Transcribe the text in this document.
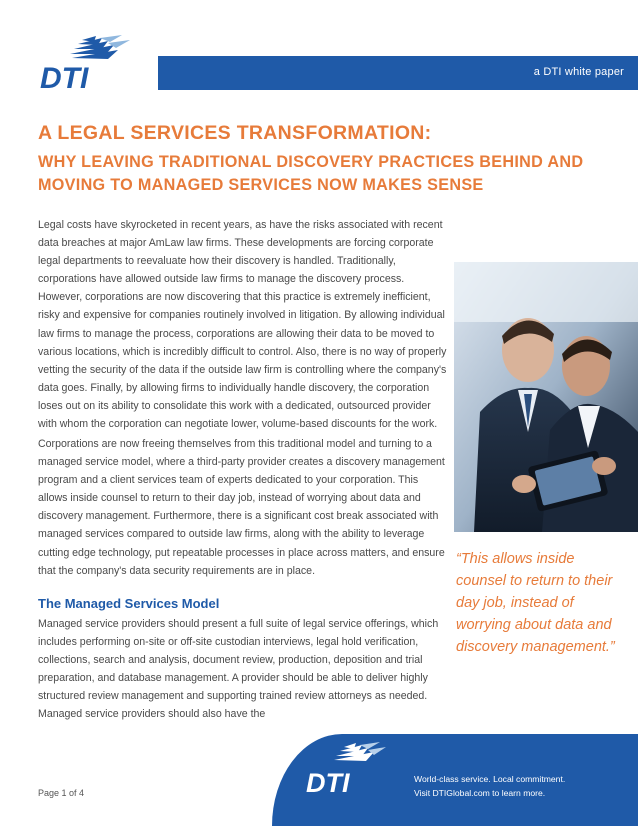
DTI	a DTI white paper
A LEGAL SERVICES TRANSFORMATION:
WHY LEAVING TRADITIONAL DISCOVERY PRACTICES BEHIND AND MOVING TO MANAGED SERVICES NOW MAKES SENSE
Legal costs have skyrocketed in recent years, as have the risks associated with recent data breaches at major AmLaw law firms. These developments are forcing corporate legal departments to reevaluate how their discovery is handled. Traditionally, corporations have allowed outside law firms to manage the discovery process. However, corporations are now discovering that this practice is extremely inefficient, risky and expensive for companies routinely involved in litigation. By allowing individual law firms to manage the process, corporations are allowing their data to be moved to various locations, which is incredibly difficult to control. Also, there is no way of properly vetting the security of the data if the outside law firm is controlling where the company's data goes. Finally, by allowing firms to individually handle discovery, the corporation loses out on its ability to consolidate this work with a dedicated, outsourced provider with whom the corporation can negotiate lower, volume-based discounts for the work.
Corporations are now freeing themselves from this traditional model and turning to a managed service model, where a third-party provider creates a discovery management program and a client services team of experts dedicated to your corporation. This allows inside counsel to return to their day job, instead of worrying about data and discovery management. Furthermore, there is a significant cost break associated with managed services compared to outside law firms, along with the ability to leverage cutting edge technology, put repeatable processes in place across matters, and ensure that the company's data security requirements are in place.
The Managed Services Model
Managed service providers should present a full suite of legal service offerings, which includes performing on-site or off-site custodian interviews, legal hold verification, collections, search and analysis, document review, production, deposition and trial preparation, and database management. A provider should be able to deliver highly structured review management and supporting trained review attorneys as needed. Managed service providers should also have the
“This allows inside counsel to return to their day job, instead of worrying about data and discovery management.”
DTI	World-class service. Local commitment.
Visit DTIGlobal.com to learn more.
Page 1 of 4
